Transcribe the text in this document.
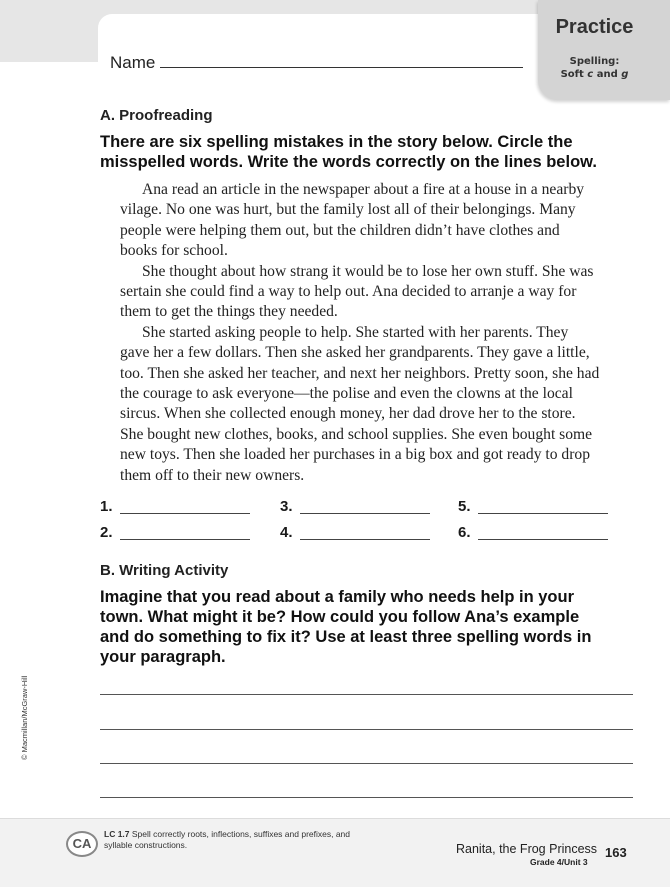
Name
Practice
Spelling:
Soft c and g
A. Proofreading
There are six spelling mistakes in the story below. Circle the misspelled words. Write the words correctly on the lines below.

Ana read an article in the newspaper about a fire at a house in a nearby vilage. No one was hurt, but the family lost all of their belongings. Many people were helping them out, but the children didn’t have clothes and books for school.

She thought about how strang it would be to lose her own stuff. She was sertain she could find a way to help out. Ana decided to arranje a way for them to get the things they needed.

She started asking people to help. She started with her parents. They gave her a few dollars. Then she asked her grandparents. They gave a little, too. Then she asked her teacher, and next her neighbors. Pretty soon, she had the courage to ask everyone—the polise and even the clowns at the local sircus. When she collected enough money, her dad drove her to the store. She bought new clothes, books, and school supplies. She even bought some new toys. Then she loaded her purchases in a big box and got ready to drop them off to their new owners.

1.
2.
3.
4.
5.
6.
B. Writing Activity
Imagine that you read about a family who needs help in your town. What might it be? How could you follow Ana’s example and do something to fix it? Use at least three spelling words in your paragraph.
© Macmillan/McGraw-Hill
CA
LC 1.7 Spell correctly roots, inflections, suffixes and prefixes, and syllable constructions.	Ranita, the Frog Princess
Grade 4/Unit 3
163
